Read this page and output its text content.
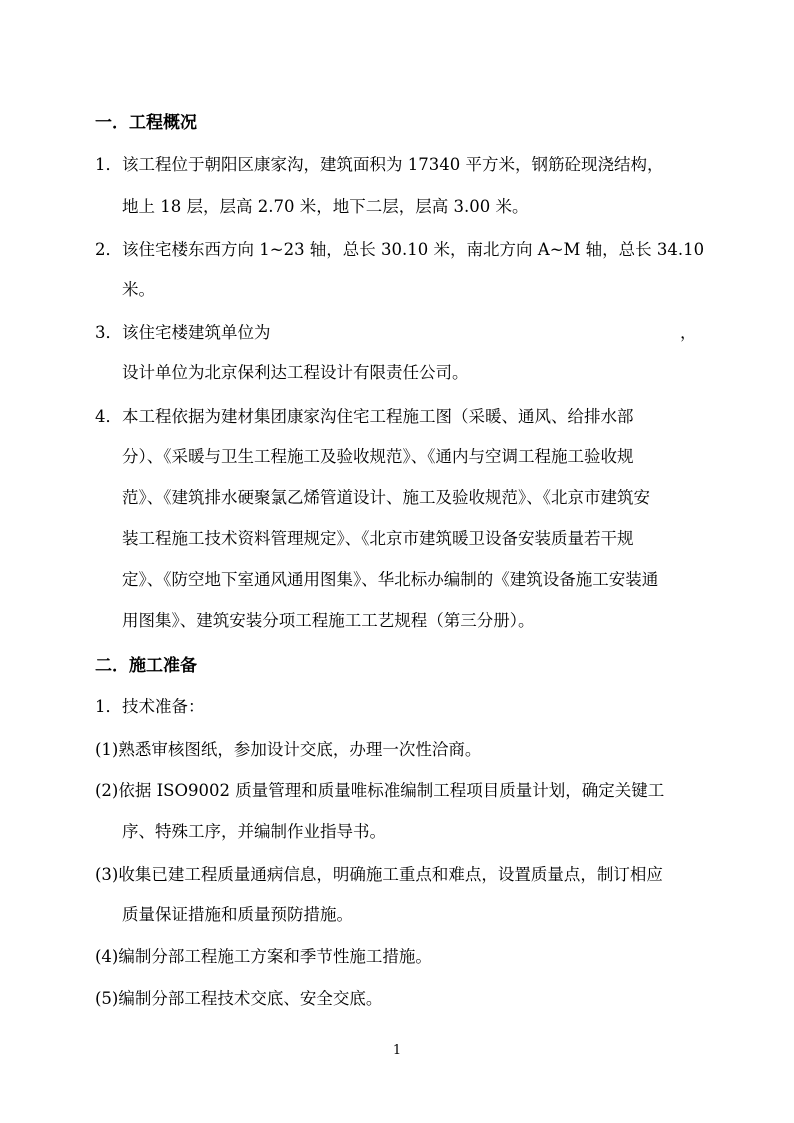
一．工程概况
1．该工程位于朝阳区康家沟，建筑面积为 17340 平方米，钢筋砼现浇结构，
地上 18 层，层高 2.70 米，地下二层，层高 3.00 米。
2．该住宅楼东西方向 1~23 轴，总长 30.10 米，南北方向 A~M 轴，总长 34.10
米。
3．该住宅楼建筑单位为	，
设计单位为北京保利达工程设计有限责任公司。
4．本工程依据为建材集团康家沟住宅工程施工图（采暖、通风、给排水部
分）、《采暖与卫生工程施工及验收规范》、《通内与空调工程施工验收规
范》、《建筑排水硬聚氯乙烯管道设计、施工及验收规范》、《北京市建筑安
装工程施工技术资料管理规定》、《北京市建筑暖卫设备安装质量若干规
定》、《防空地下室通风通用图集》、华北标办编制的《建筑设备施工安装通
用图集》、建筑安装分项工程施工工艺规程（第三分册）。
二．施工准备
1．技术准备：
(1)熟悉审核图纸，参加设计交底，办理一次性洽商。
(2)依据 ISO9002 质量管理和质量唯标准编制工程项目质量计划，确定关键工
序、特殊工序，并编制作业指导书。
(3)收集已建工程质量通病信息，明确施工重点和难点，设置质量点，制订相应
质量保证措施和质量预防措施。
(4)编制分部工程施工方案和季节性施工措施。
(5)编制分部工程技术交底、安全交底。
1
